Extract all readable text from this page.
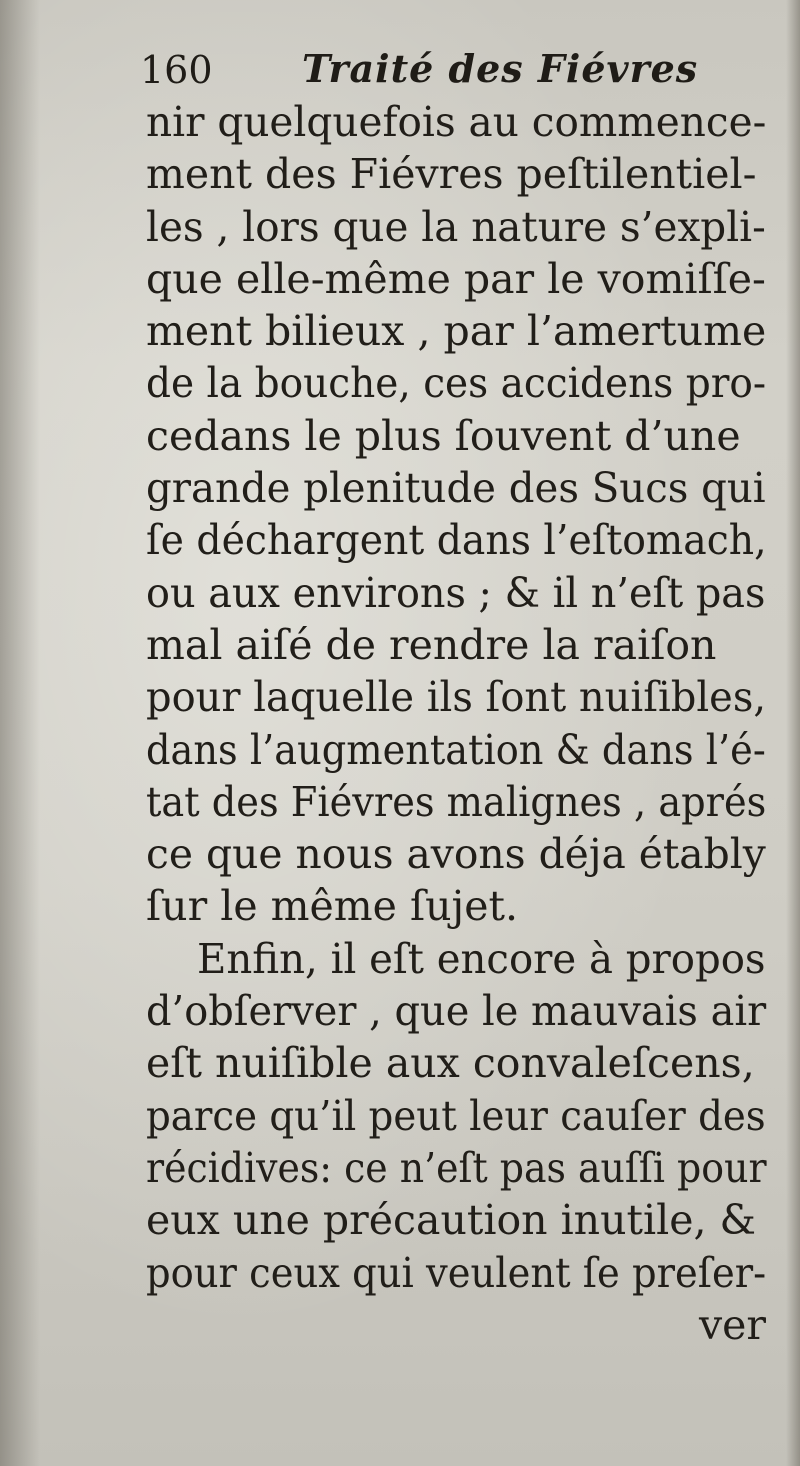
160 Traité des Fiévres
nir quelquefois au commence-
ment des Fiévres peſtilentiel-
les , lors que la nature s’expli-
que elle-même par le vomiſſe-
ment bilieux , par l’amertume
de la bouche, ces accidens pro-
cedans le plus ſouvent d’une
grande plenitude des Sucs qui
ſe déchargent dans l’eſtomach,
ou aux environs ; & il n’eſt pas
mal aiſé de rendre la raiſon
pour laquelle ils ſont nuiſibles,
dans l’augmentation & dans l’é-
tat des Fiévres malignes , aprés
ce que nous avons déja étably
ſur le même ſujet.
Enfin, il eſt encore à propos
d’obſerver , que le mauvais air
eſt nuiſible aux convaleſcens,
parce qu’il peut leur cauſer des
récidives: ce n’eſt pas auſſi pour
eux une précaution inutile, &
pour ceux qui veulent ſe preſer-
ver
